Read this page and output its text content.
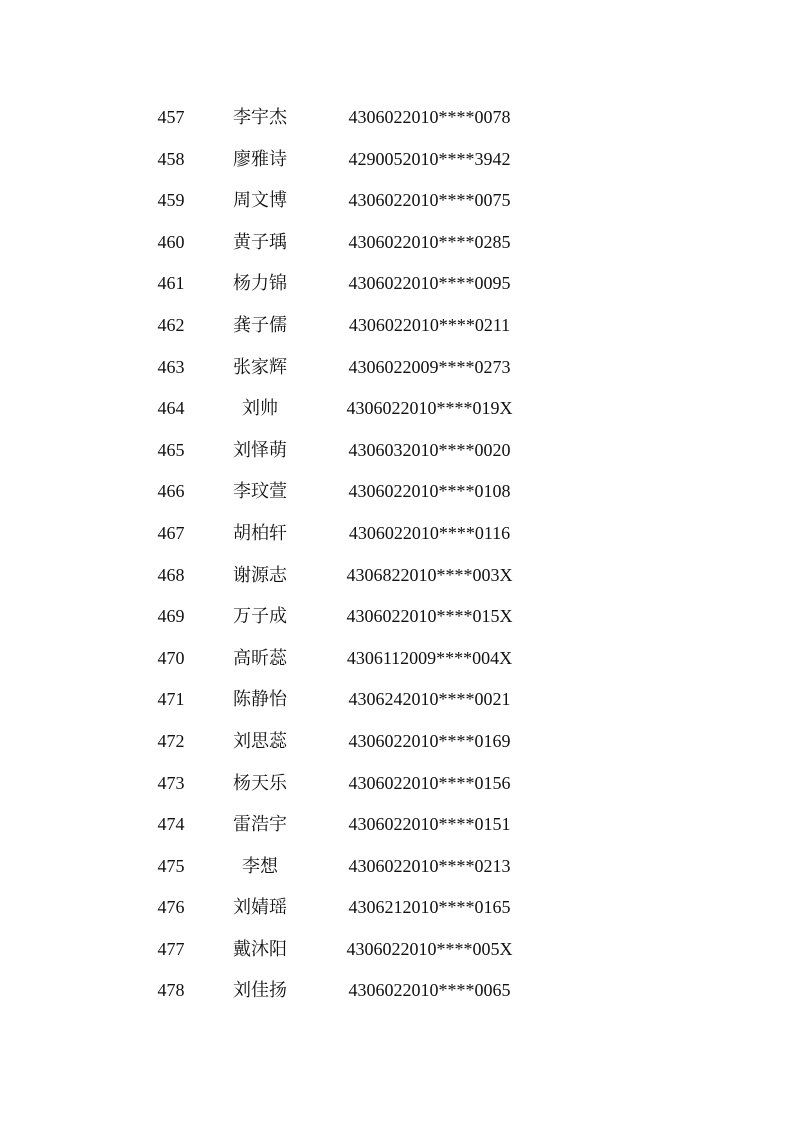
457	李宇杰	4306022010****0078
458	廖雅诗	4290052010****3942
459	周文博	4306022010****0075
460	黄子瑀	4306022010****0285
461	杨力锦	4306022010****0095
462	龚子儒	4306022010****0211
463	张家辉	4306022009****0273
464	刘帅	4306022010****019X
465	刘怿萌	4306032010****0020
466	李玟萱	4306022010****0108
467	胡柏轩	4306022010****0116
468	谢源志	4306822010****003X
469	万子成	4306022010****015X
470	高昕蕊	4306112009****004X
471	陈静怡	4306242010****0021
472	刘思蕊	4306022010****0169
473	杨天乐	4306022010****0156
474	雷浩宇	4306022010****0151
475	李想	4306022010****0213
476	刘婧瑶	4306212010****0165
477	戴沐阳	4306022010****005X
478	刘佳扬	4306022010****0065
